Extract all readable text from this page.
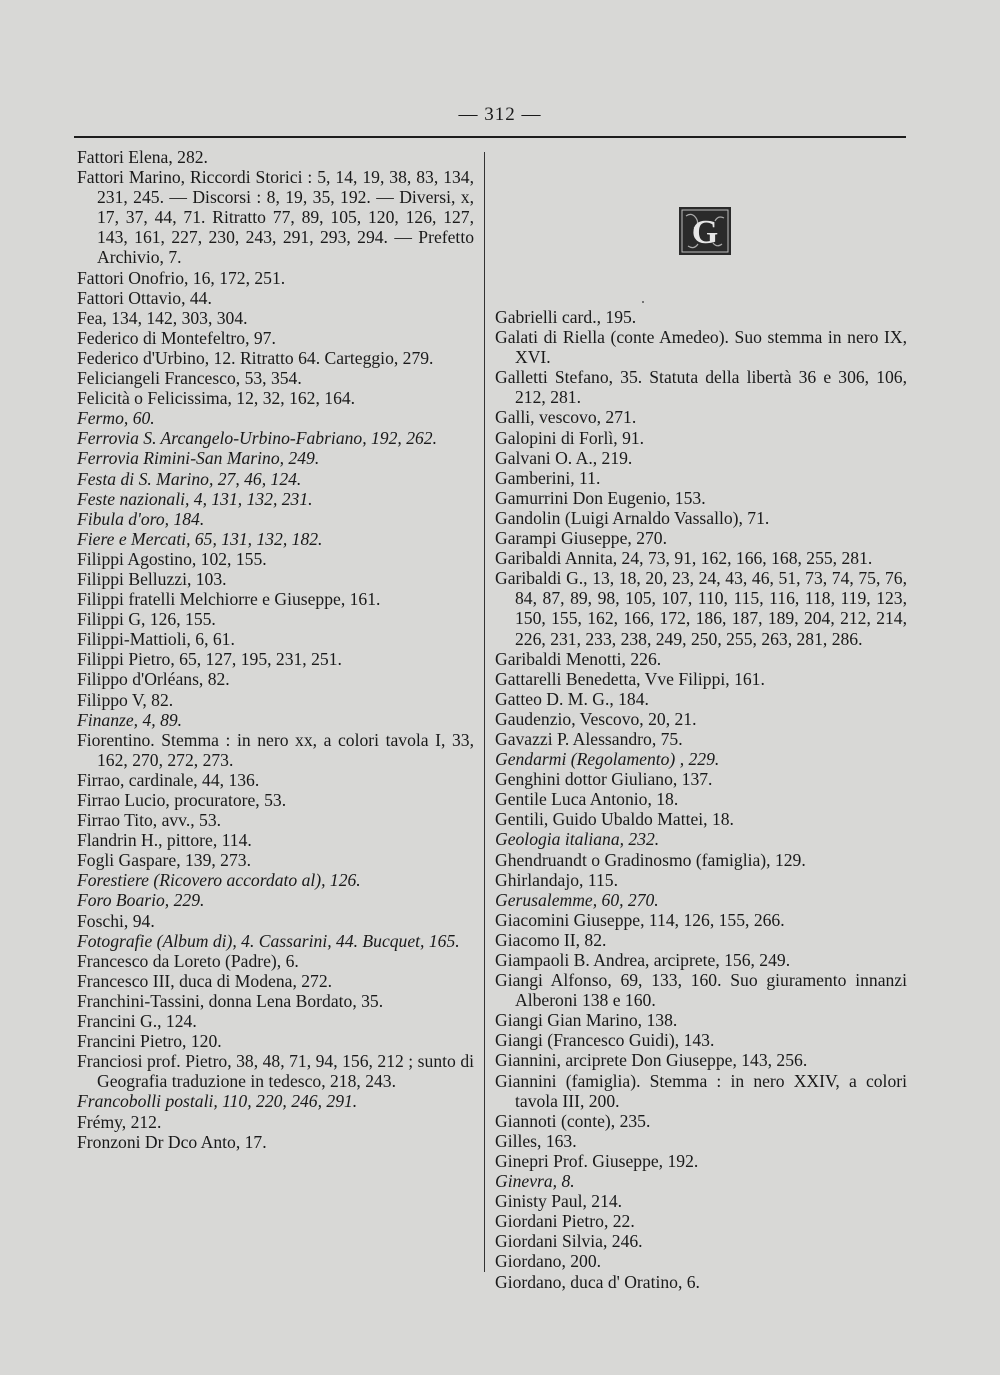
— 312 —

Fattori Elena, 282.

Fattori Marino, Riccordi Storici : 5, 14, 19, 38, 83, 134, 231, 245. — Discorsi : 8, 19, 35, 192. — Diversi, x, 17, 37, 44, 71. Ritratto 77, 89, 105, 120, 126, 127, 143, 161, 227, 230, 243, 291, 293, 294. — Prefetto Archivio, 7.

Fattori Onofrio, 16, 172, 251.

Fattori Ottavio, 44.

Fea, 134, 142, 303, 304.

Federico di Montefeltro, 97.

Federico d'Urbino, 12. Ritratto 64. Carteggio, 279.

Feliciangeli Francesco, 53, 354.

Felicità o Felicissima, 12, 32, 162, 164.

Fermo, 60.

Ferrovia S. Arcangelo-Urbino-Fabriano, 192, 262.

Ferrovia Rimini-San Marino, 249.

Festa di S. Marino, 27, 46, 124.

Feste nazionali, 4, 131, 132, 231.

Fibula d'oro, 184.

Fiere e Mercati, 65, 131, 132, 182.

Filippi Agostino, 102, 155.

Filippi Belluzzi, 103.

Filippi fratelli Melchiorre e Giuseppe, 161.

Filippi G, 126, 155.

Filippi-Mattioli, 6, 61.

Filippi Pietro, 65, 127, 195, 231, 251.

Filippo d'Orléans, 82.

Filippo V, 82.

Finanze, 4, 89.

Fiorentino. Stemma : in nero xx, a colori tavola I, 33, 162, 270, 272, 273.

Firrao, cardinale, 44, 136.

Firrao Lucio, procuratore, 53.

Firrao Tito, avv., 53.

Flandrin H., pittore, 114.

Fogli Gaspare, 139, 273.

Forestiere (Ricovero accordato al), 126.

Foro Boario, 229.

Foschi, 94.

Fotografie (Album di), 4. Cassarini, 44. Bucquet, 165.

Francesco da Loreto (Padre), 6.

Francesco III, duca di Modena, 272.

Franchini-Tassini, donna Lena Bordato, 35.

Francini G., 124.

Francini Pietro, 120.

Franciosi prof. Pietro, 38, 48, 71, 94, 156, 212 ; sunto di Geografia traduzione in tedesco, 218, 243.

Francobolli postali, 110, 220, 246, 291.

Frémy, 212.

Fronzoni Dr Dco Anto, 17.

G

Gabrielli card., 195.

Galati di Riella (conte Amedeo). Suo stemma in nero IX, XVI.

Galletti Stefano, 35. Statuta della libertà 36 e 306, 106, 212, 281.

Galli, vescovo, 271.

Galopini di Forlì, 91.

Galvani O. A., 219.

Gamberini, 11.

Gamurrini Don Eugenio, 153.

Gandolin (Luigi Arnaldo Vassallo), 71.

Garampi Giuseppe, 270.

Garibaldi Annita, 24, 73, 91, 162, 166, 168, 255, 281.

Garibaldi G., 13, 18, 20, 23, 24, 43, 46, 51, 73, 74, 75, 76, 84, 87, 89, 98, 105, 107, 110, 115, 116, 118, 119, 123, 150, 155, 162, 166, 172, 186, 187, 189, 204, 212, 214, 226, 231, 233, 238, 249, 250, 255, 263, 281, 286.

Garibaldi Menotti, 226.

Gattarelli Benedetta, Vve Filippi, 161.

Gatteo D. M. G., 184.

Gaudenzio, Vescovo, 20, 21.

Gavazzi P. Alessandro, 75.

Gendarmi (Regolamento) , 229.

Genghini dottor Giuliano, 137.

Gentile Luca Antonio, 18.

Gentili, Guido Ubaldo Mattei, 18.

Geologia italiana, 232.

Ghendruandt o Gradinosmo (famiglia), 129.

Ghirlandajo, 115.

Gerusalemme, 60, 270.

Giacomini Giuseppe, 114, 126, 155, 266.

Giacomo II, 82.

Giampaoli B. Andrea, arciprete, 156, 249.

Giangi Alfonso, 69, 133, 160. Suo giuramento innanzi Alberoni 138 e 160.

Giangi Gian Marino, 138.

Giangi (Francesco Guidi), 143.

Giannini, arciprete Don Giuseppe, 143, 256.

Giannini (famiglia). Stemma : in nero XXIV, a colori tavola III, 200.

Giannoti (conte), 235.

Gilles, 163.

Ginepri Prof. Giuseppe, 192.

Ginevra, 8.

Ginisty Paul, 214.

Giordani Pietro, 22.

Giordani Silvia, 246.

Giordano, 200.

Giordano, duca d' Oratino, 6.
